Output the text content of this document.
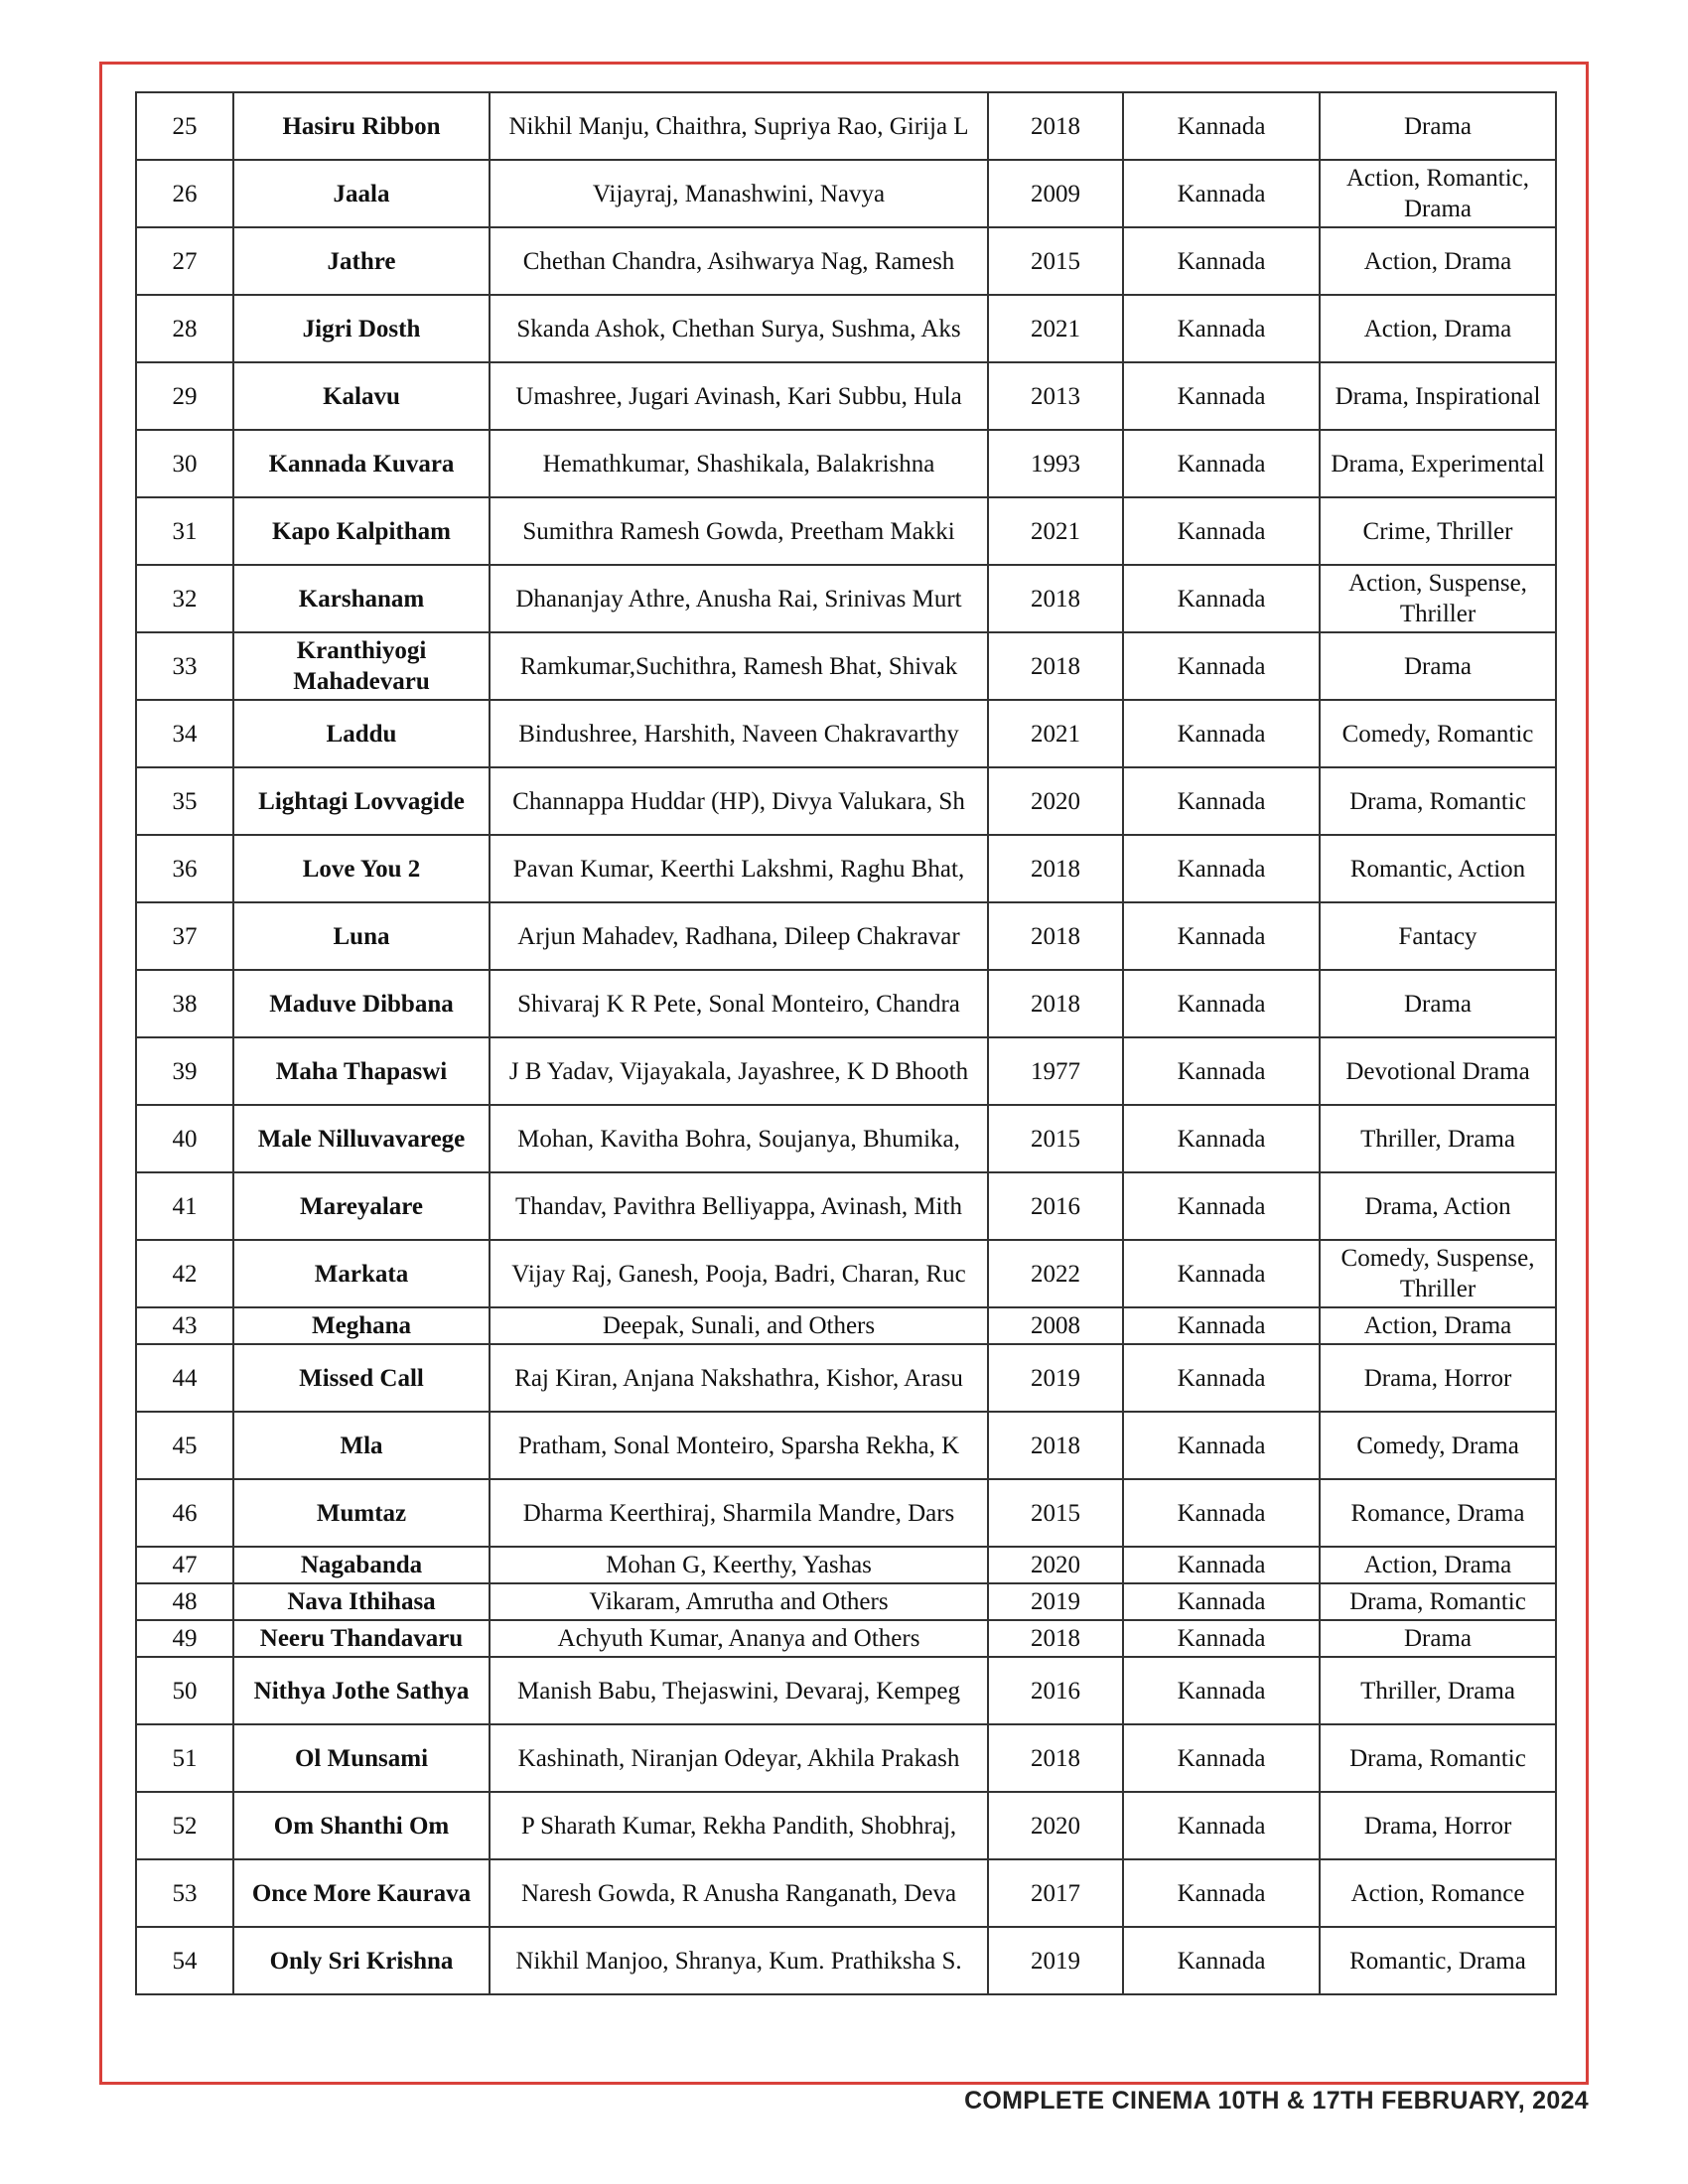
25	Hasiru Ribbon	Nikhil Manju, Chaithra, Supriya Rao, Girija L	2018	Kannada	Drama
26	Jaala	Vijayraj, Manashwini, Navya	2009	Kannada	Action, Romantic, Drama
27	Jathre	Chethan Chandra, Asihwarya Nag, Ramesh	2015	Kannada	Action, Drama
28	Jigri Dosth	Skanda Ashok, Chethan Surya, Sushma, Aks	2021	Kannada	Action, Drama
29	Kalavu	Umashree, Jugari Avinash, Kari Subbu, Hula	2013	Kannada	Drama, Inspirational
30	Kannada Kuvara	Hemathkumar, Shashikala, Balakrishna	1993	Kannada	Drama, Experimental
31	Kapo Kalpitham	Sumithra Ramesh Gowda, Preetham Makki	2021	Kannada	Crime, Thriller
32	Karshanam	Dhananjay Athre, Anusha Rai, Srinivas Murt	2018	Kannada	Action, Suspense, Thriller
33	Kranthiyogi Mahadevaru	Ramkumar,Suchithra, Ramesh Bhat, Shivak	2018	Kannada	Drama
34	Laddu	Bindushree, Harshith, Naveen Chakravarthy	2021	Kannada	Comedy, Romantic
35	Lightagi Lovvagide	Channappa Huddar (HP), Divya Valukara, Sh	2020	Kannada	Drama, Romantic
36	Love You 2	Pavan Kumar, Keerthi Lakshmi, Raghu Bhat,	2018	Kannada	Romantic, Action
37	Luna	Arjun Mahadev, Radhana, Dileep Chakravar	2018	Kannada	Fantacy
38	Maduve Dibbana	Shivaraj K R Pete, Sonal Monteiro, Chandra	2018	Kannada	Drama
39	Maha Thapaswi	J B Yadav, Vijayakala, Jayashree, K D Bhooth	1977	Kannada	Devotional Drama
40	Male Nilluvavarege	Mohan, Kavitha Bohra, Soujanya, Bhumika,	2015	Kannada	Thriller, Drama
41	Mareyalare	Thandav, Pavithra Belliyappa, Avinash, Mith	2016	Kannada	Drama, Action
42	Markata	Vijay Raj, Ganesh, Pooja, Badri, Charan, Ruc	2022	Kannada	Comedy, Suspense, Thriller
43	Meghana	Deepak, Sunali, and Others	2008	Kannada	Action, Drama
44	Missed Call	Raj Kiran, Anjana Nakshathra, Kishor, Arasu	2019	Kannada	Drama, Horror
45	Mla	Pratham, Sonal Monteiro, Sparsha Rekha, K	2018	Kannada	Comedy, Drama
46	Mumtaz	Dharma Keerthiraj, Sharmila Mandre, Dars	2015	Kannada	Romance, Drama
47	Nagabanda	Mohan G, Keerthy, Yashas	2020	Kannada	Action, Drama
48	Nava Ithihasa	Vikaram, Amrutha and Others	2019	Kannada	Drama, Romantic
49	Neeru Thandavaru	Achyuth Kumar, Ananya and Others	2018	Kannada	Drama
50	Nithya Jothe Sathya	Manish Babu, Thejaswini, Devaraj, Kempeg	2016	Kannada	Thriller, Drama
51	Ol Munsami	Kashinath, Niranjan Odeyar, Akhila Prakash	2018	Kannada	Drama, Romantic
52	Om Shanthi Om	P Sharath Kumar, Rekha Pandith, Shobhraj,	2020	Kannada	Drama, Horror
53	Once More Kaurava	Naresh Gowda, R Anusha Ranganath, Deva	2017	Kannada	Action, Romance
54	Only Sri Krishna	Nikhil Manjoo, Shranya, Kum. Prathiksha S.	2019	Kannada	Romantic, Drama
COMPLETE CINEMA 10TH & 17TH FEBRUARY, 2024
